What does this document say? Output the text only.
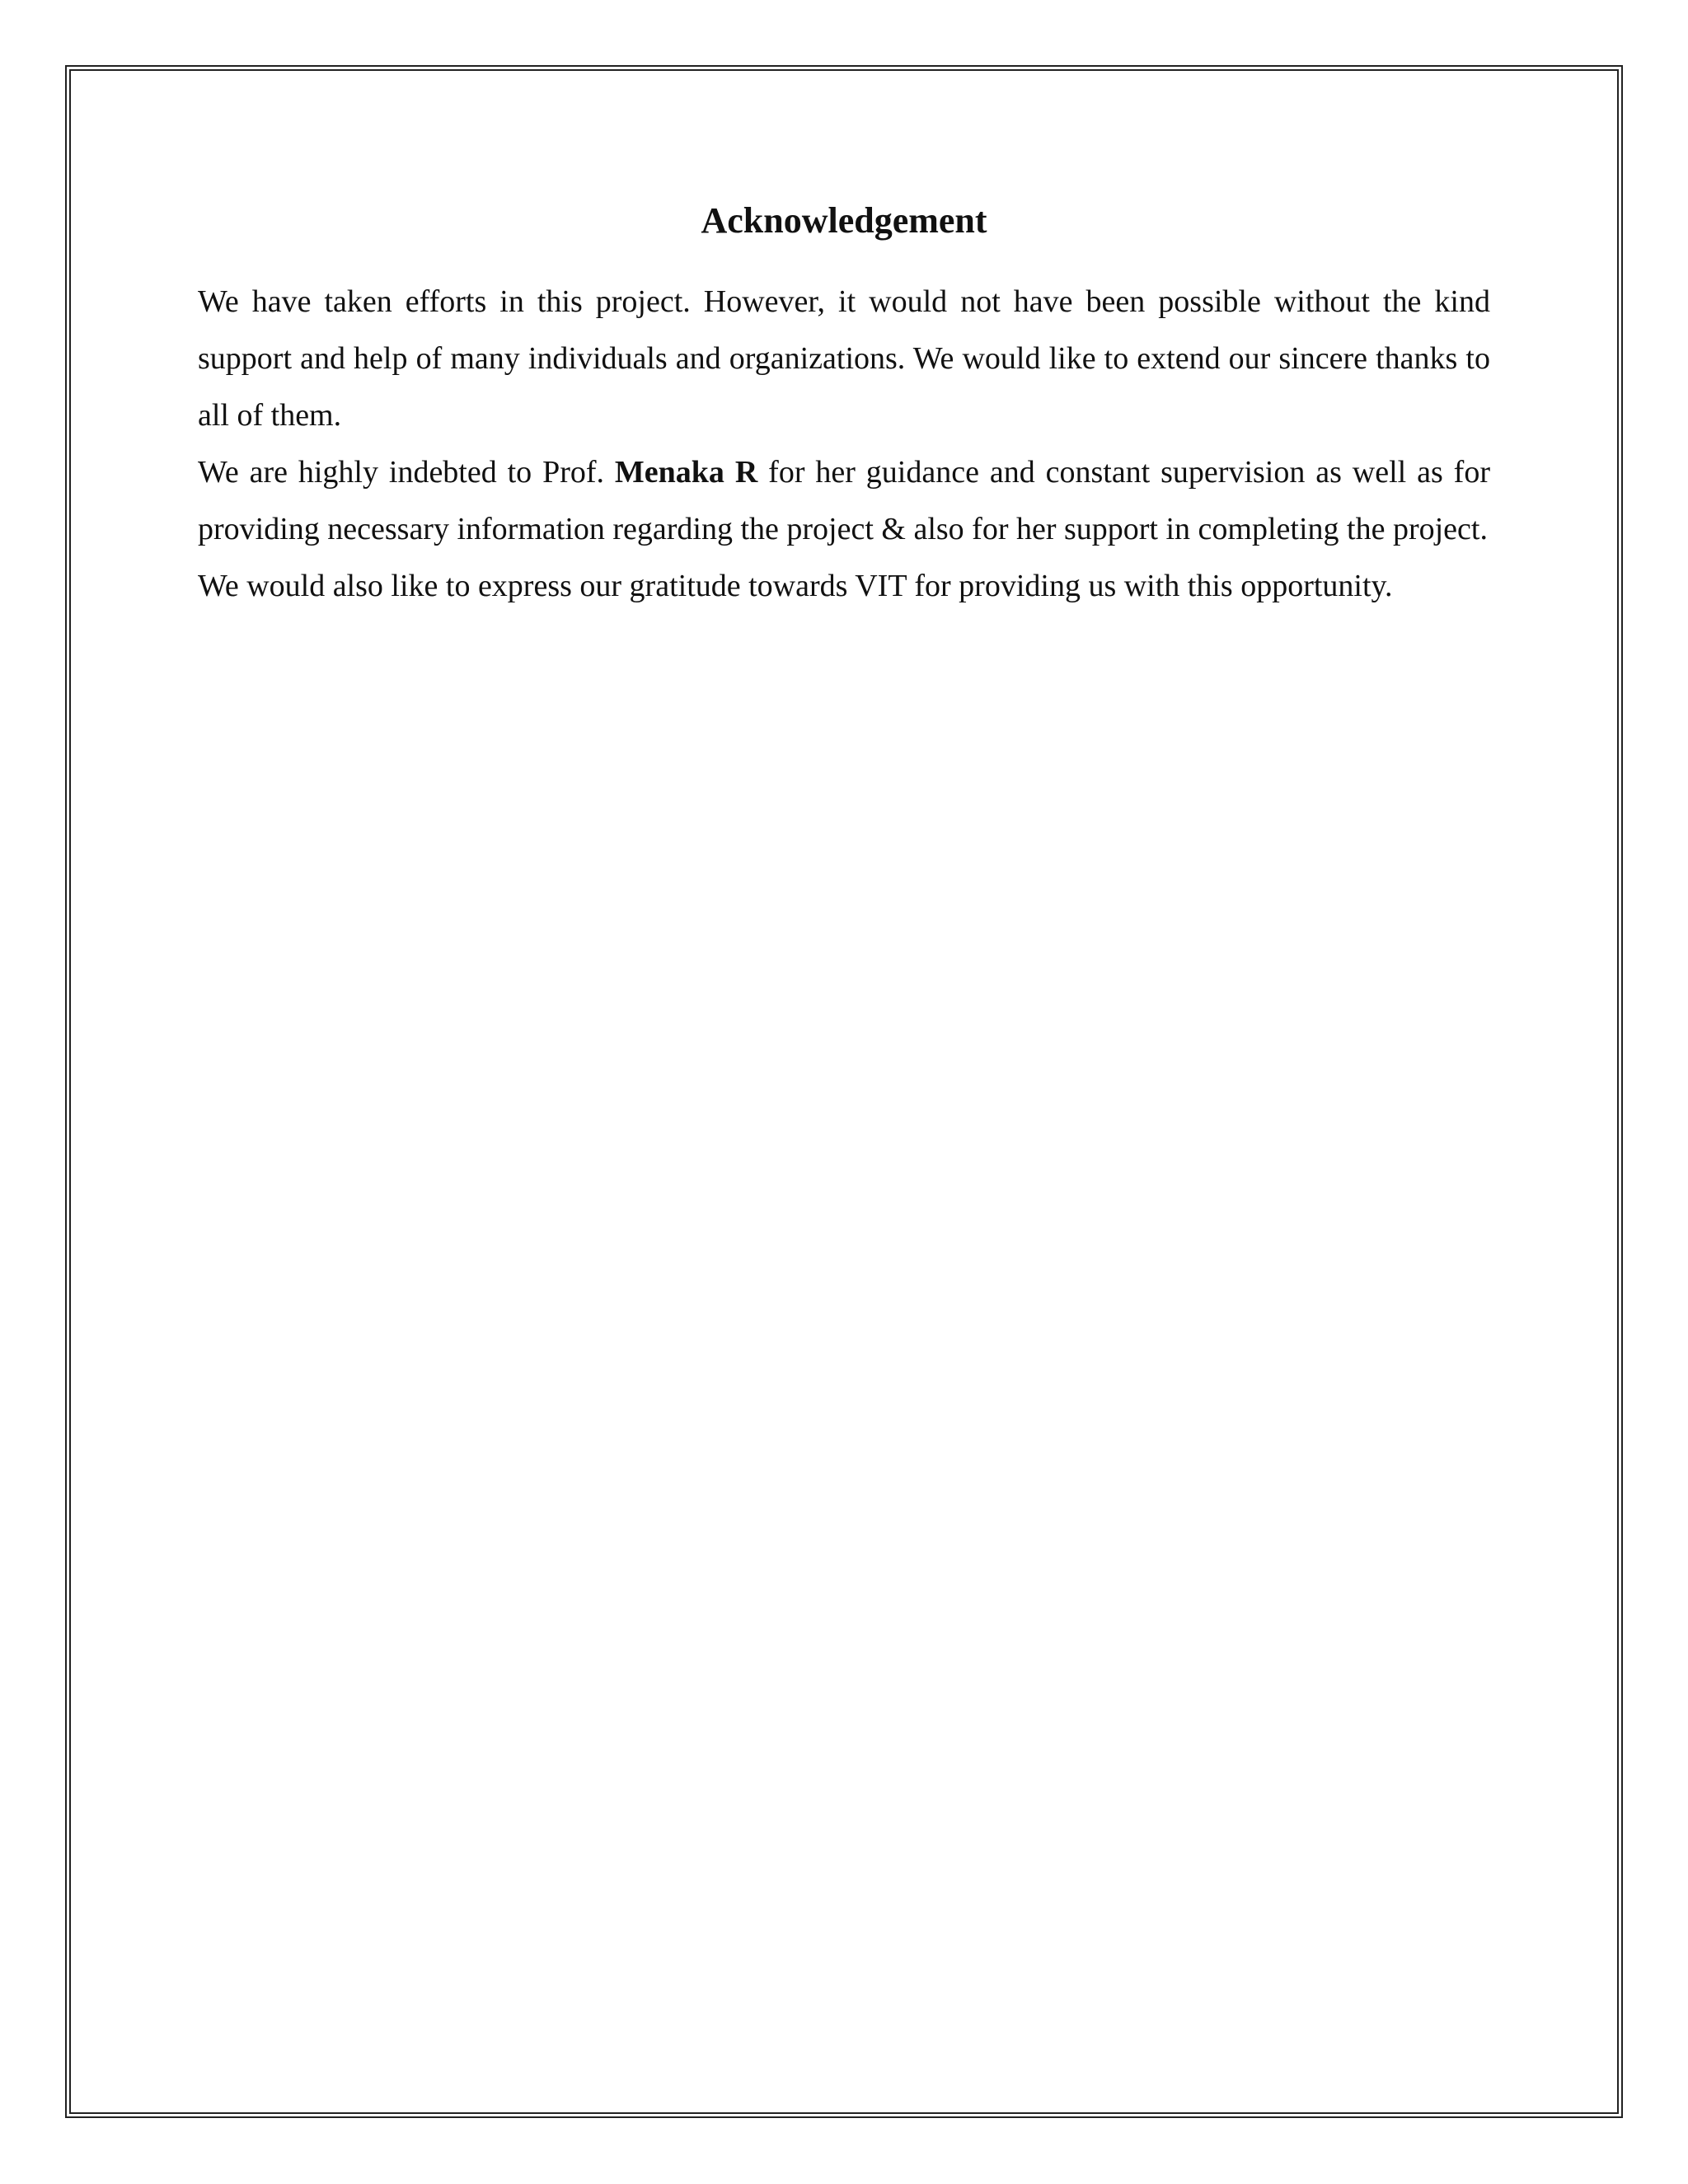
Acknowledgement

We have taken efforts in this project. However, it would not have been possible without the kind support and help of many individuals and organizations. We would like to extend our sincere thanks to all of them.

We are highly indebted to Prof. Menaka R for her guidance and constant supervision as well as for providing necessary information regarding the project & also for her support in completing the project.

We would also like to express our gratitude towards VIT for providing us with this opportunity.
